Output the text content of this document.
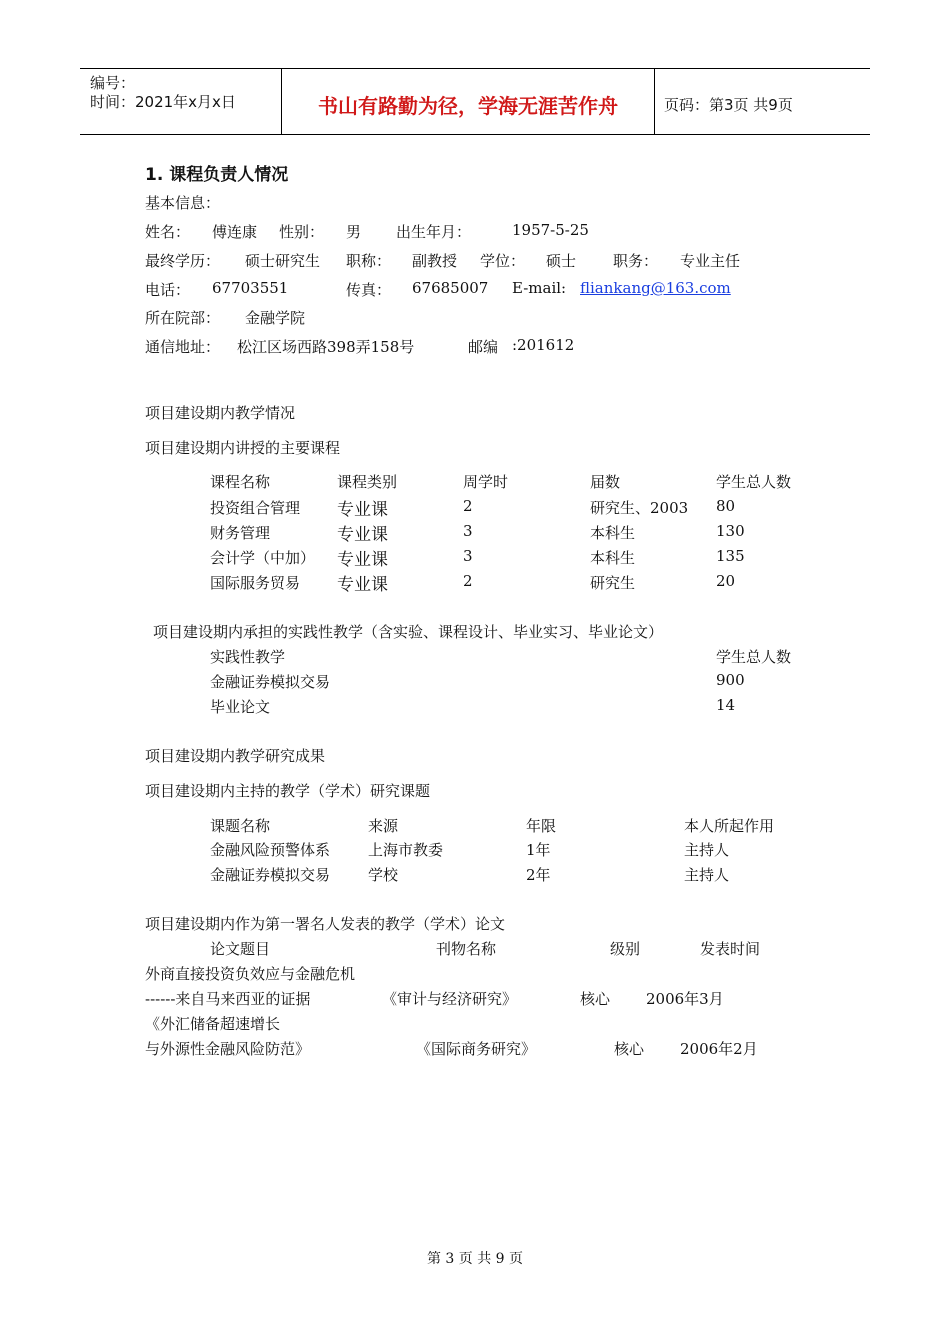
编号：
时间：2021年x月x日	书山有路勤为径，学海无涯苦作舟	页码：第3页 共9页
1. 课程负责人情况
基本信息：
姓名： 傅连康 性别： 男 出生年月：	1957-5-25
最终学历： 硕士研究生 职称： 副教授 学位： 硕士 职务： 专业主任
电话： 67703551	传真： 67685007 E-mail: fliankang@163.com
所在院部： 金融学院
通信地址： 松江区场西路398弄158号	邮编 :201612
项目建设期内教学情况
项目建设期内讲授的主要课程
课程名称	课程类别	周学时	届数	学生总人数
投资组合管理 专业课	2	研究生、2003 80
财务管理	专业课	3	本科生	130
会计学（中加） 专业课	3	本科生	135
国际服务贸易 专业课	2	研究生	20
项目建设期内承担的实践性教学（含实验、课程设计、毕业实习、毕业论文）
实践性教学	学生总人数
金融证券模拟交易	900
毕业论文	14
项目建设期内教学研究成果
项目建设期内主持的教学（学术）研究课题
课题名称	来源	年限	本人所起作用
金融风险预警体系	上海市教委	1年	主持人
金融证券模拟交易	学校	2年	主持人
项目建设期内作为第一署名人发表的教学（学术）论文
论文题目	刊物名称	级别	发表时间
外商直接投资负效应与金融危机
------来自马来西亚的证据	《审计与经济研究》	核心 2006年3月
《外汇储备超速增长
与外源性金融风险防范》	《国际商务研究》	核心 2006年2月
第 3 页 共 9 页
